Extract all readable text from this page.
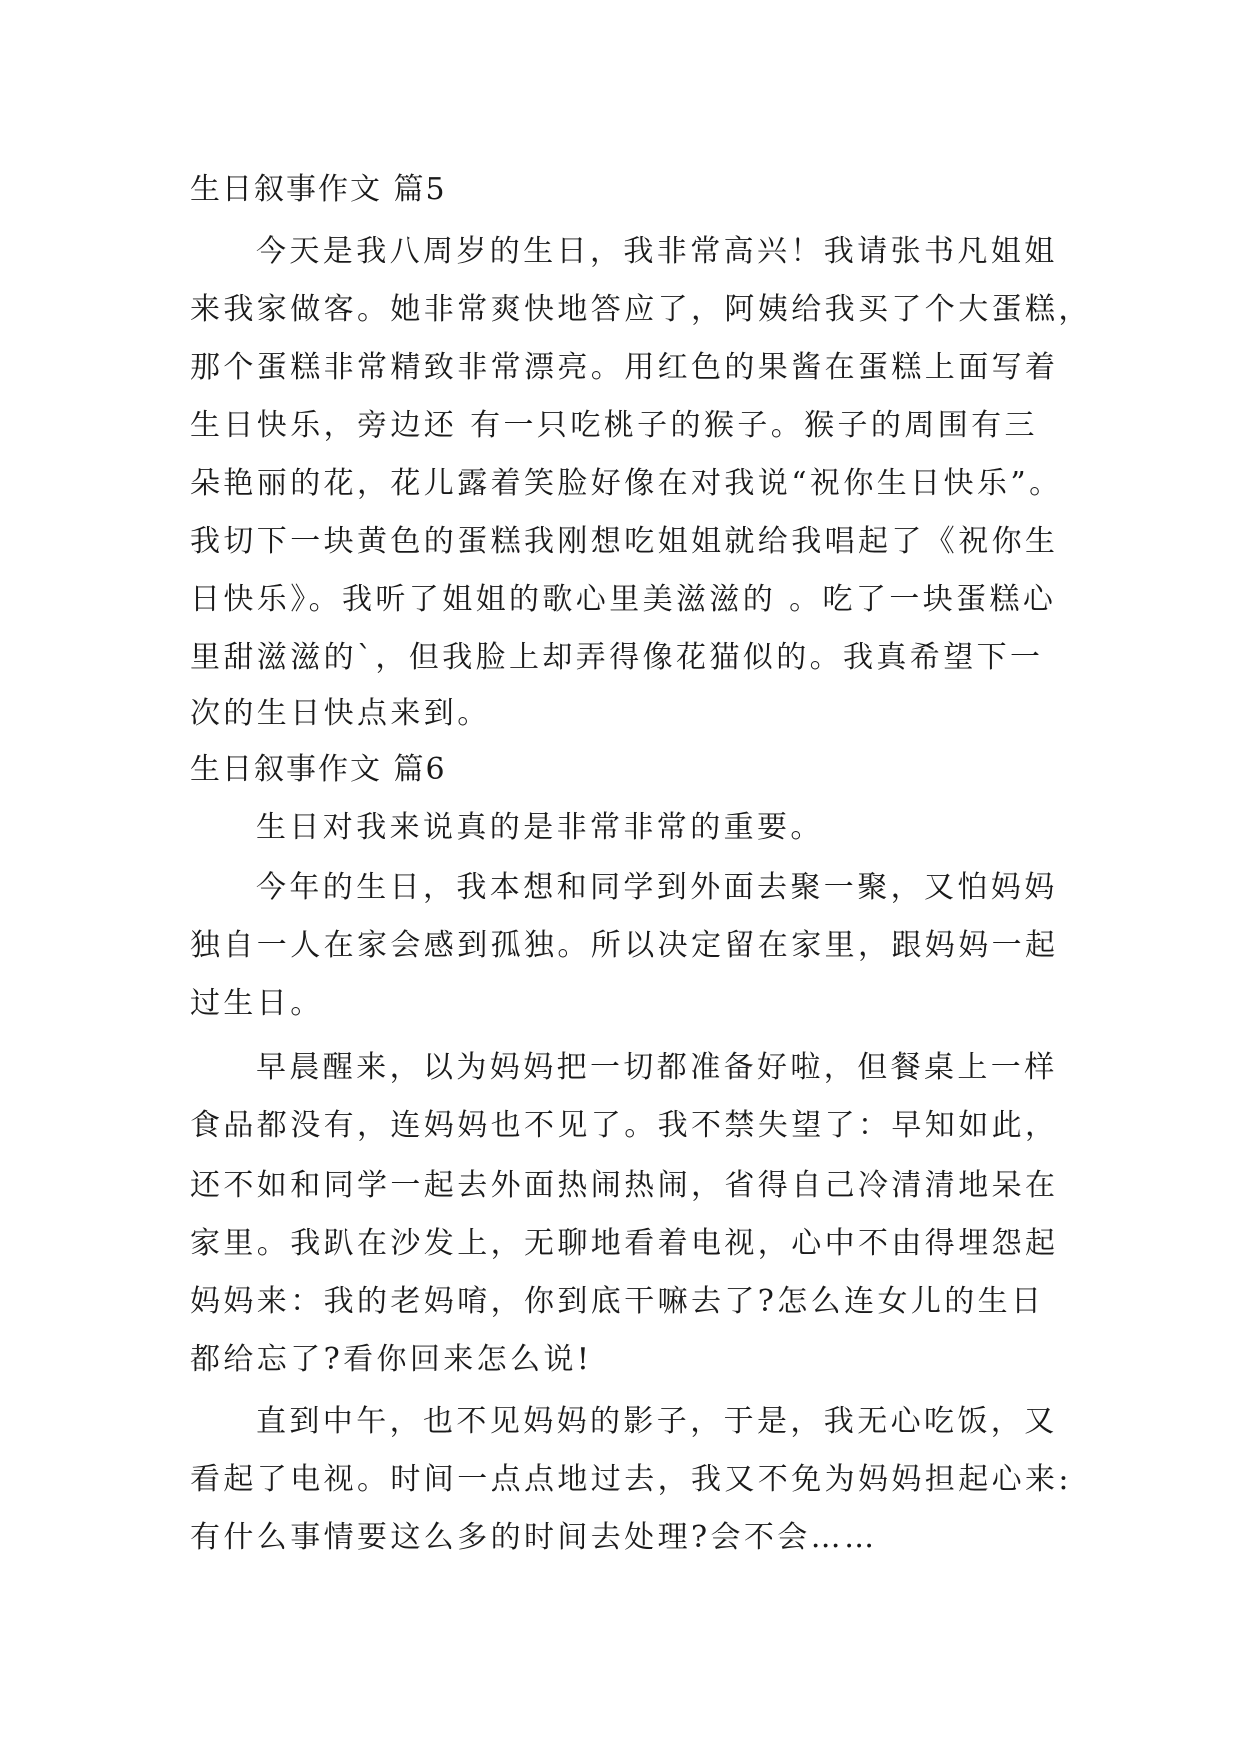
生日叙事作文 篇5
今天是我八周岁的生日，我非常高兴！我请张书凡姐姐
来我家做客。她非常爽快地答应了，阿姨给我买了个大蛋糕，
那个蛋糕非常精致非常漂亮。用红色的果酱在蛋糕上面写着
生日快乐，旁边还 有一只吃桃子的猴子。猴子的周围有三
朵艳丽的花，花儿露着笑脸好像在对我说“祝你生日快乐”。
我切下一块黄色的蛋糕我刚想吃姐姐就给我唱起了《祝你生
日快乐》。我听了姐姐的歌心里美滋滋的 。吃了一块蛋糕心
里甜滋滋的`，但我脸上却弄得像花猫似的。我真希望下一
次的生日快点来到。
生日叙事作文 篇6
生日对我来说真的是非常非常的重要。
今年的生日，我本想和同学到外面去聚一聚，又怕妈妈
独自一人在家会感到孤独。所以决定留在家里，跟妈妈一起
过生日。
早晨醒来，以为妈妈把一切都准备好啦，但餐桌上一样
食品都没有，连妈妈也不见了。我不禁失望了：早知如此，
还不如和同学一起去外面热闹热闹，省得自己冷清清地呆在
家里。我趴在沙发上，无聊地看着电视，心中不由得埋怨起
妈妈来：我的老妈唷，你到底干嘛去了?怎么连女儿的生日
都给忘了?看你回来怎么说!
直到中午，也不见妈妈的影子，于是，我无心吃饭，又
看起了电视。时间一点点地过去，我又不免为妈妈担起心来:
有什么事情要这么多的时间去处理?会不会……
